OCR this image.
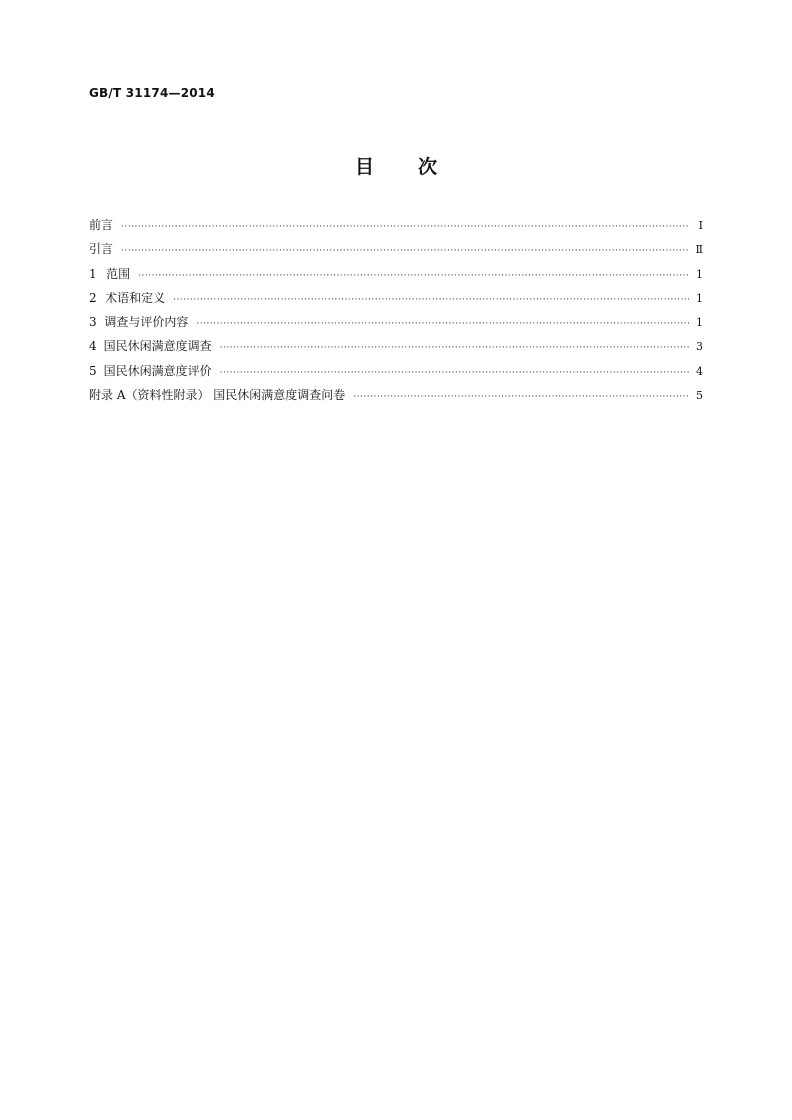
GB/T 31174—2014
目 次
前言 ·····	Ⅰ
引言 ·····	Ⅱ
1 范围 ·····	1
2 术语和定义 ·····	1
3 调查与评价内容 ·····	1
4 国民休闲满意度调查 ·····	3
5 国民休闲满意度评价 ·····	4
附录 A（资料性附录） 国民休闲满意度调查问卷 ·····	5
